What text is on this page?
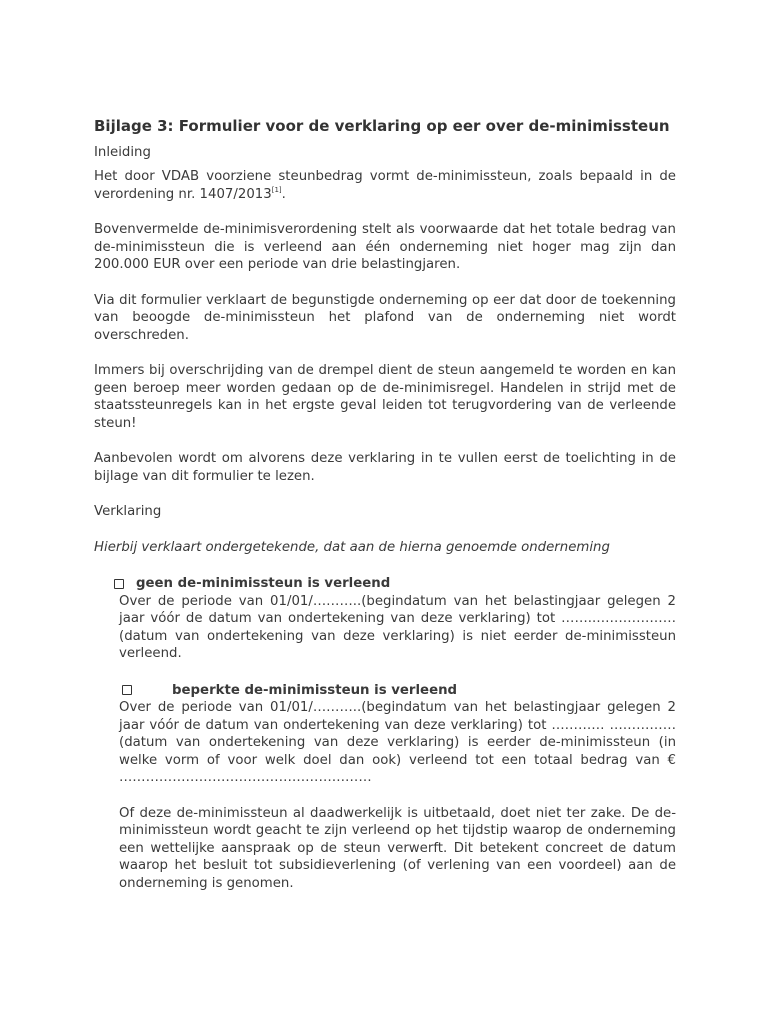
Bijlage 3: Formulier voor de verklaring op eer over de-minimissteun

Inleiding

Het door VDAB voorziene steunbedrag vormt de-minimissteun, zoals bepaald in de verordening nr. 1407/2013[1].

Bovenvermelde de-minimisverordening stelt als voorwaarde dat het totale bedrag van de-minimissteun die is verleend aan één onderneming niet hoger mag zijn dan 200.000 EUR over een periode van drie belastingjaren.

Via dit formulier verklaart de begunstigde onderneming op eer dat door de toekenning van beoogde de-minimissteun het plafond van de onderneming niet wordt overschreden.

Immers bij overschrijding van de drempel dient de steun aangemeld te worden en kan geen beroep meer worden gedaan op de de-minimisregel. Handelen in strijd met de staatssteunregels kan in het ergste geval leiden tot terugvordering van de verleende steun!

Aanbevolen wordt om alvorens deze verklaring in te vullen eerst de toelichting in de bijlage van dit formulier te lezen.

Verklaring

Hierbij verklaart ondergetekende, dat aan de hierna genoemde onderneming

geen de-minimissteun is verleend

Over de periode van 01/01/………..(begindatum van het belastingjaar gelegen 2 jaar vóór de datum van ondertekening van deze verklaring) tot ……..……………… (datum van ondertekening van deze verklaring) is niet eerder de-minimissteun verleend.

beperkte de-minimissteun is verleend

Over de periode van 01/01/………..(begindatum van het belastingjaar gelegen 2 jaar vóór de datum van ondertekening van deze verklaring) tot ………… …………… (datum van ondertekening van deze verklaring) is eerder de-minimissteun (in welke vorm of voor welk doel dan ook) verleend tot een totaal bedrag van € …………………………………………………

Of deze de-minimissteun al daadwerkelijk is uitbetaald, doet niet ter zake. De de-minimissteun wordt geacht te zijn verleend op het tijdstip waarop de onderneming een wettelijke aanspraak op de steun verwerft. Dit betekent concreet de datum waarop het besluit tot subsidieverlening (of verlening van een voordeel) aan de onderneming is genomen.
